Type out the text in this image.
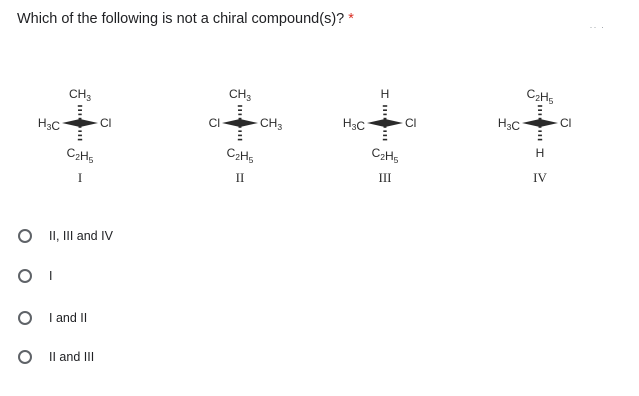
Which of the following is not a chiral compound(s)? *	·· ·
$CH_3$
$C_2H_5$
$H_3C$	Cl
I
$CH_3$
$C_2H_5$
Cl	$CH_3$
II
H
$C_2H_5$
$H_3C$	Cl
III
$C_2H_5$
H
$H_3C$	Cl
IV
II, III and IV
I
I and II
II and III
